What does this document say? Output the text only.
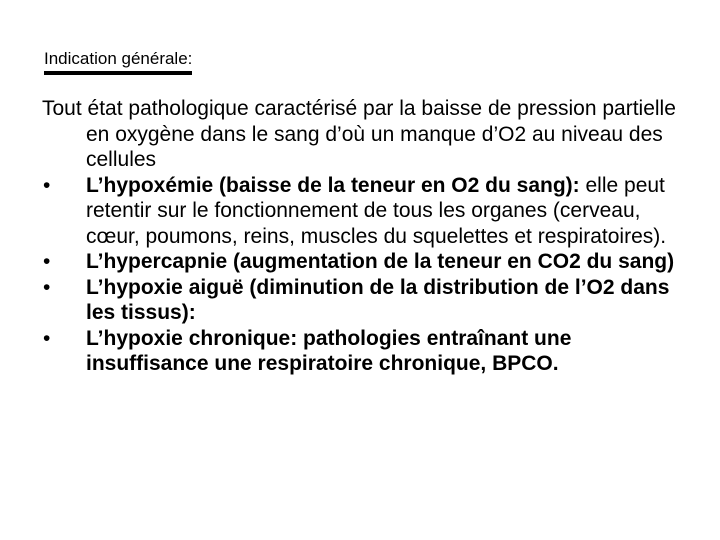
Indication générale:

Tout état pathologique caractérisé par la baisse de pression partielle en oxygène dans le sang d’où un manque d’O2 au niveau des cellules

•	L’hypoxémie (baisse de la teneur en O2 du sang): elle peut retentir sur le fonctionnement de tous les organes (cerveau, cœur, poumons, reins, muscles du squelettes et respiratoires).
•	L’hypercapnie (augmentation de la teneur en CO2 du sang)
•	L’hypoxie aiguë (diminution de la distribution de l’O2 dans les tissus):
•	L’hypoxie chronique: pathologies entraînant une insuffisance une respiratoire chronique, BPCO.
